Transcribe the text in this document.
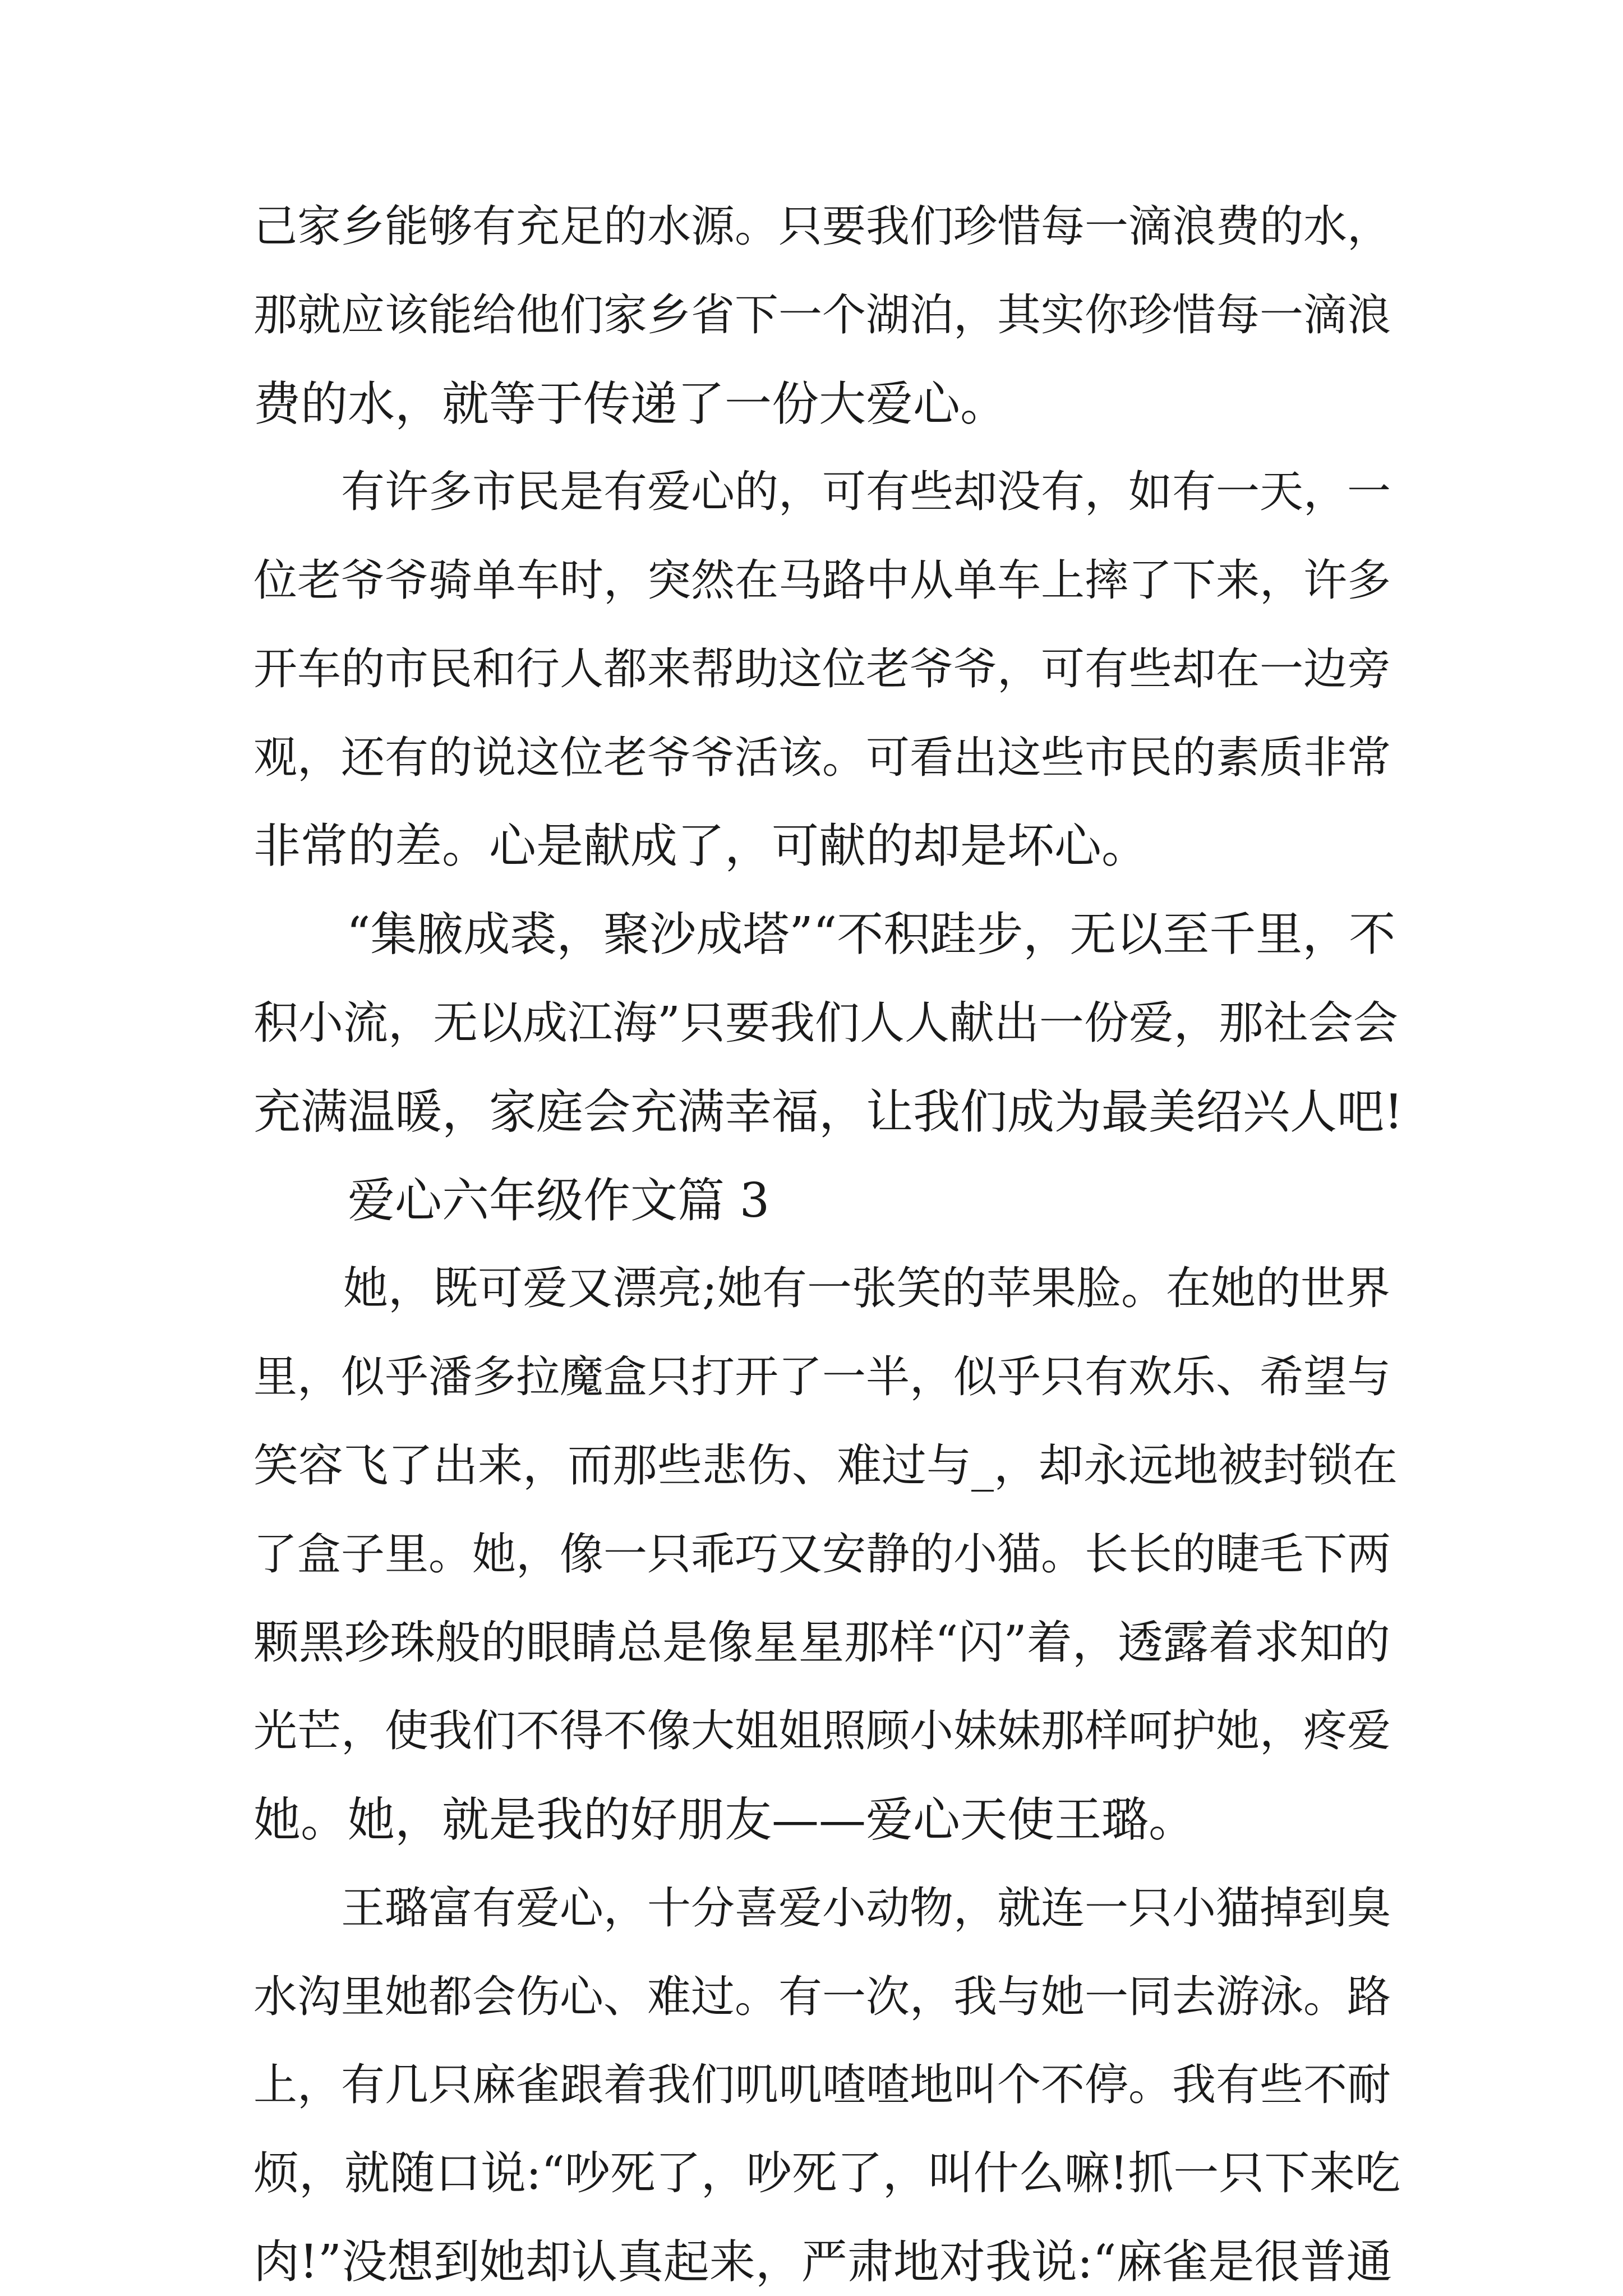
己家乡能够有充足的水源。只要我们珍惜每一滴浪费的水，
那就应该能给他们家乡省下一个湖泊，其实你珍惜每一滴浪
费的水，就等于传递了一份大爱心。
　　有许多市民是有爱心的，可有些却没有，如有一天，一
位老爷爷骑单车时，突然在马路中从单车上摔了下来，许多
开车的市民和行人都来帮助这位老爷爷，可有些却在一边旁
观，还有的说这位老爷爷活该。可看出这些市民的素质非常
非常的差。心是献成了，可献的却是坏心。
　　“集腋成裘，聚沙成塔”“不积跬步，无以至千里，不
积小流，无以成江海”只要我们人人献出一份爱，那社会会
充满温暖，家庭会充满幸福，让我们成为最美绍兴人吧!
　　爱心六年级作文篇 3
　　她，既可爱又漂亮;她有一张笑的苹果脸。在她的世界
里，似乎潘多拉魔盒只打开了一半，似乎只有欢乐、希望与
笑容飞了出来，而那些悲伤、难过与_，却永远地被封锁在
了盒子里。她，像一只乖巧又安静的小猫。长长的睫毛下两
颗黑珍珠般的眼睛总是像星星那样“闪”着，透露着求知的
光芒，使我们不得不像大姐姐照顾小妹妹那样呵护她，疼爱
她。她，就是我的好朋友——爱心天使王璐。
　　王璐富有爱心，十分喜爱小动物，就连一只小猫掉到臭
水沟里她都会伤心、难过。有一次，我与她一同去游泳。路
上，有几只麻雀跟着我们叽叽喳喳地叫个不停。我有些不耐
烦，就随口说:“吵死了，吵死了，叫什么嘛!抓一只下来吃
肉!”没想到她却认真起来，严肃地对我说:“麻雀是很普通
